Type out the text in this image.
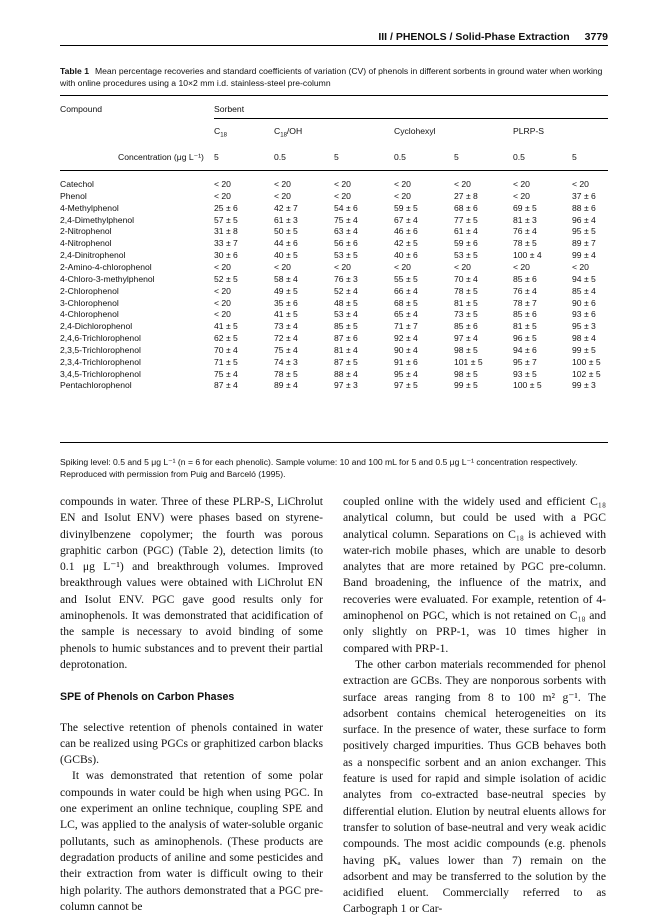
III / PHENOLS / Solid-Phase Extraction 3779
Table 1 Mean percentage recoveries and standard coefficients of variation (CV) of phenols in different sorbents in ground water when working with online procedures using a 10×2 mm i.d. stainless-steel pre-column
Compound	Sorbent
$C_{18}$	$C_{18}/OH$	Cyclohexyl	PLRP-S
Concentration (μg L⁻¹) 5	0.5	5	0.5	5	0.5	5
Catechol	< 20	< 20	< 20	< 20	< 20	< 20	< 20
Phenol	< 20	< 20	< 20	< 20	27 ± 8	< 20	37 ± 6
4-Methylphenol	25 ± 6	42 ± 7	54 ± 6	59 ± 5	68 ± 6	69 ± 5	88 ± 6
2,4-Dimethylphenol	57 ± 5	61 ± 3	75 ± 4	67 ± 4	77 ± 5	81 ± 3	96 ± 4
2-Nitrophenol	31 ± 8	50 ± 5	63 ± 4	46 ± 6	61 ± 4	76 ± 4	95 ± 5
4-Nitrophenol	33 ± 7	44 ± 6	56 ± 6	42 ± 5	59 ± 6	78 ± 5	89 ± 7
2,4-Dinitrophenol	30 ± 6	40 ± 5	53 ± 5	40 ± 6	53 ± 5	100 ± 4	99 ± 4
2-Amino-4-chlorophenol	< 20	< 20	< 20	< 20	< 20	< 20	< 20
4-Chloro-3-methylphenol	52 ± 5	58 ± 4	76 ± 3	55 ± 5	70 ± 4	85 ± 6	94 ± 5
2-Chlorophenol	< 20	49 ± 5	52 ± 4	66 ± 4	78 ± 5	76 ± 4	85 ± 4
3-Chlorophenol	< 20	35 ± 6	48 ± 5	68 ± 5	81 ± 5	78 ± 7	90 ± 6
4-Chlorophenol	< 20	41 ± 5	53 ± 4	65 ± 4	73 ± 5	85 ± 6	93 ± 6
2,4-Dichlorophenol	41 ± 5	73 ± 4	85 ± 5	71 ± 7	85 ± 6	81 ± 5	95 ± 3
2,4,6-Trichlorophenol	62 ± 5	72 ± 4	87 ± 6	92 ± 4	97 ± 4	96 ± 5	98 ± 4
2,3,5-Trichlorophenol	70 ± 4	75 ± 4	81 ± 4	90 ± 4	98 ± 5	94 ± 6	99 ± 5
2,3,4-Trichlorophenol	71 ± 5	74 ± 3	87 ± 5	91 ± 6	101 ± 5	95 ± 7	100 ± 5
3,4,5-Trichlorophenol	75 ± 4	78 ± 5	88 ± 4	95 ± 4	98 ± 5	93 ± 5	102 ± 5
Pentachlorophenol	87 ± 4	89 ± 4	97 ± 3	97 ± 5	99 ± 5	100 ± 5	99 ± 3
Spiking level: 0.5 and 5 μg L⁻¹ (n = 6 for each phenolic). Sample volume: 10 and 100 mL for 5 and 0.5 μg L⁻¹ concentration respectively. Reproduced with permission from Puig and Barceló (1995).

compounds in water. Three of these PLRP-S, LiChrolut EN and Isolut ENV) were phases based on styrene-divinylbenzene copolymer; the fourth was porous graphitic carbon (PGC) (Table 2), detection limits (to 0.1 μg L⁻¹) and breakthrough volumes. Improved breakthrough values were obtained with LiChrolut EN and Isolut ENV. PGC gave good results only for aminophenols. It was demonstrated that acidification of the sample is necessary to avoid binding of some phenols to humic substances and to prevent their partial deprotonation.

SPE of Phenols on Carbon Phases

The selective retention of phenols contained in water can be realized using PGCs or graphitized carbon blacks (GCBs).

It was demonstrated that retention of some polar compounds in water could be high when using PGC. In one experiment an online technique, coupling SPE and LC, was applied to the analysis of water-soluble organic pollutants, such as aminophenols. (These products are degradation products of aniline and some pesticides and their extraction from water is difficult owing to their high polarity. The authors demonstrated that a PGC pre-column cannot be

coupled online with the widely used and efficient C₁₈ analytical column, but could be used with a PGC analytical column. Separations on C₁₈ is achieved with water-rich mobile phases, which are unable to desorb analytes that are more retained by PGC pre-column. Band broadening, the influence of the matrix, and recoveries were evaluated. For example, retention of 4-aminophenol on PGC, which is not retained on C₁₈ and only slightly on PRP-1, was 10 times higher in compared with PRP-1.

The other carbon materials recommended for phenol extraction are GCBs. They are nonporous sorbents with surface areas ranging from 8 to 100 m² g⁻¹. The adsorbent contains chemical heterogeneities on its surface. In the presence of water, these surface to form positively charged impurities. Thus GCB behaves both as a nonspecific sorbent and an anion exchanger. This feature is used for rapid and simple isolation of acidic analytes from co-extracted base-neutral species by differential elution. Elution by neutral eluents allows for transfer to solution of base-neutral and very weak acidic compounds. The most acidic compounds (e.g. phenols having pKₐ values lower than 7) remain on the adsorbent and may be transferred to the solution by the acidified eluent. Commercially referred to as Carbograph 1 or Car-
